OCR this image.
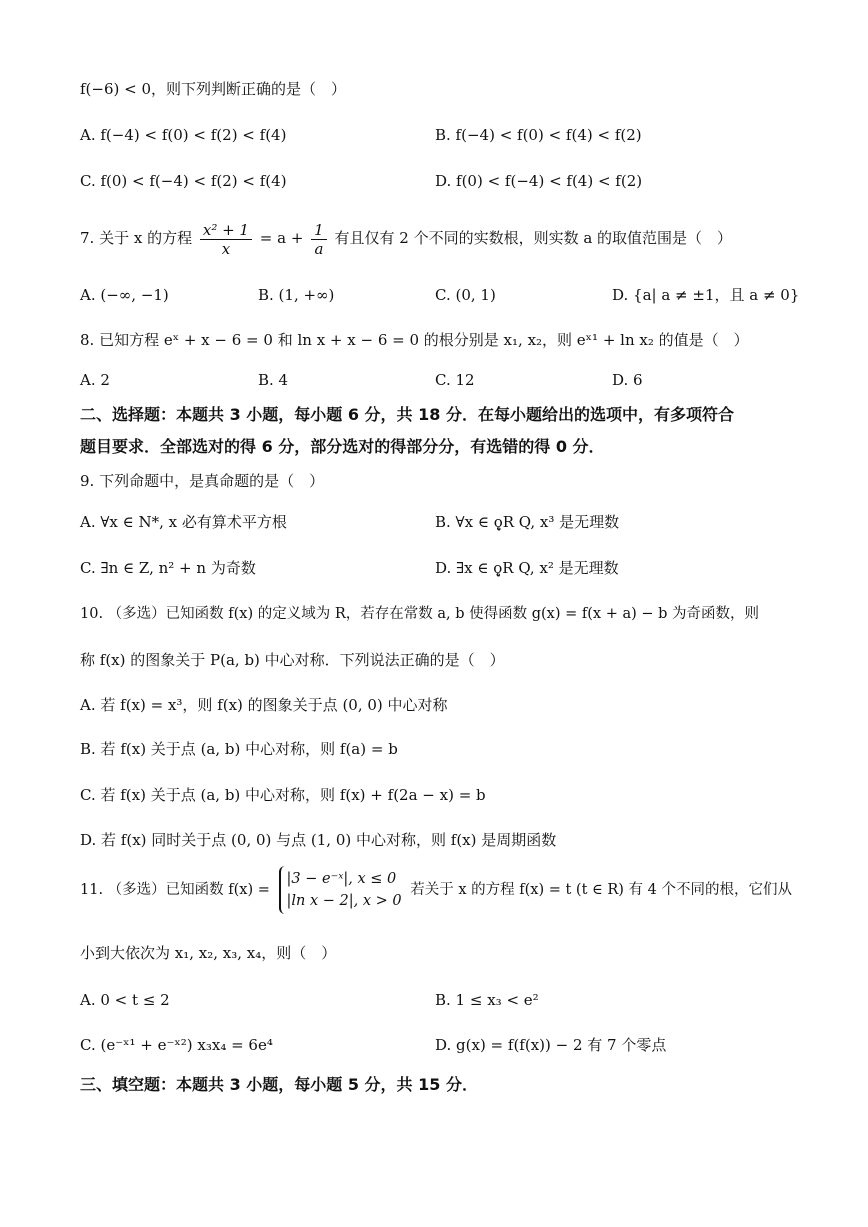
f(−6) < 0，则下列判断正确的是（　）
A. f(−4) < f(0) < f(2) < f(4)	B. f(−4) < f(0) < f(4) < f(2)
C. f(0) < f(−4) < f(2) < f(4)	D. f(0) < f(−4) < f(4) < f(2)
7. 关于 x 的方程 $\frac{\text{x² + 1}}{x} = a + \frac{1}{a}$ 有且仅有 2 个不同的实数根，则实数 a 的取值范围是（　）
A. (−∞, −1)	B. (1, +∞)	C. (0, 1)	D. {a| a ≠ ±1，且 a ≠ 0}
8. 已知方程 eˣ + x − 6 = 0 和 ln x + x − 6 = 0 的根分别是 x₁, x₂，则 eˣ¹ + ln x₂ 的值是（　）
A. 2	B. 4	C. 12	D. 6
二、选择题：本题共 3 小题，每小题 6 分，共 18 分．在每小题给出的选项中，有多项符合
题目要求．全部选对的得 6 分，部分选对的得部分分，有选错的得 0 分．
9. 下列命题中，是真命题的是（　）
A. ∀x ∈ N*, x 必有算术平方根	B. ∀x ∈ ǫ̥R Q, x³ 是无理数
C. ∃n ∈ Z, n² + n 为奇数	D. ∃x ∈ ǫ̥R Q, x² 是无理数
10. （多选）已知函数 f(x) 的定义域为 R，若存在常数 a, b 使得函数 g(x) = f(x + a) − b 为奇函数，则
称 f(x) 的图象关于 P(a, b) 中心对称．下列说法正确的是（　）
A. 若 f(x) = x³，则 f(x) 的图象关于点 (0, 0) 中心对称
B. 若 f(x) 关于点 (a, b) 中心对称，则 f(a) = b
C. 若 f(x) 关于点 (a, b) 中心对称，则 f(x) + f(2a − x) = b
D. 若 f(x) 同时关于点 (0, 0) 与点 (1, 0) 中心对称，则 f(x) 是周期函数
11. （多选）已知函数 f(x) =
|3 − e⁻ˣ|, x ≤ 0
|ln x − 2|, x > 0
若关于 x 的方程 f(x) = t (t ∈ R) 有 4 个不同的根，它们从
小到大依次为 x₁, x₂, x₃, x₄，则（　）
A. 0 < t ≤ 2	B. 1 ≤ x₃ < e²
C. (e⁻ˣ¹ + e⁻ˣ²) x₃x₄ = 6e⁴	D. g(x) = f(f(x)) − 2 有 7 个零点
三、填空题：本题共 3 小题，每小题 5 分，共 15 分．
